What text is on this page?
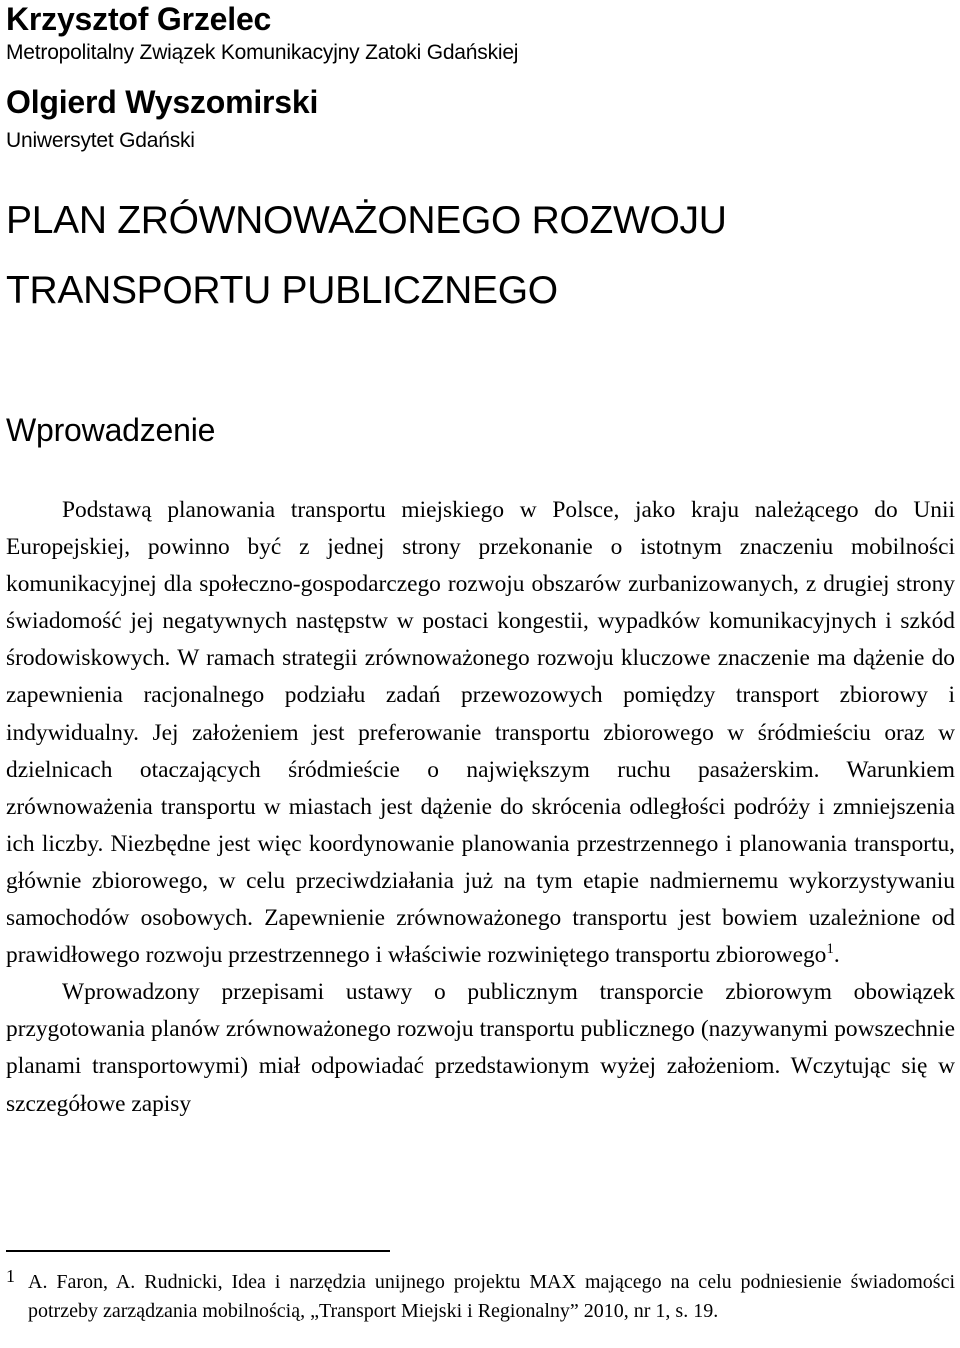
Krzysztof Grzelec

Metropolitalny Związek Komunikacyjny Zatoki Gdańskiej

Olgierd Wyszomirski

Uniwersytet Gdański

PLAN ZRÓWNOWAŻONEGO ROZWOJU
TRANSPORTU PUBLICZNEGO
Wprowadzenie

Podstawą planowania transportu miejskiego w Polsce, jako kraju należącego do Unii Europejskiej, powinno być z jednej strony przekonanie o istotnym znaczeniu mobilności komunikacyjnej dla społeczno-gospodarczego rozwoju obszarów zurbanizowanych, z drugiej strony świadomość jej negatywnych następstw w postaci kongestii, wypadków komunikacyjnych i szkód środowiskowych. W ramach strategii zrównoważonego rozwoju kluczowe znaczenie ma dążenie do zapewnienia racjonalnego podziału zadań przewozowych pomiędzy transport zbiorowy i indywidualny. Jej założeniem jest preferowanie transportu zbiorowego w śródmieściu oraz w dzielnicach otaczających śródmieście o największym ruchu pasażerskim. Warunkiem zrównoważenia transportu w miastach jest dążenie do skrócenia odległości podróży i zmniejszenia ich liczby. Niezbędne jest więc koordynowanie planowania przestrzennego i planowania transportu, głównie zbiorowego, w celu przeciwdziałania już na tym etapie nadmiernemu wykorzystywaniu samochodów osobowych. Zapewnienie zrównoważonego transportu jest bowiem uzależnione od prawidłowego rozwoju przestrzennego i właściwie rozwiniętego transportu zbiorowego$^1$.

Wprowadzony przepisami ustawy o publicznym transporcie zbiorowym obowiązek przygotowania planów zrównoważonego rozwoju transportu publicznego (nazywanymi powszechnie planami transportowymi) miał odpowiadać przedstawionym wyżej założeniom. Wczytując się w szczegółowe zapisy

1 A. Faron, A. Rudnicki, Idea i narzędzia unijnego projektu MAX mającego na celu podniesienie świadomości potrzeby zarządzania mobilnością, „Transport Miejski i Regionalny” 2010, nr 1, s. 19.
